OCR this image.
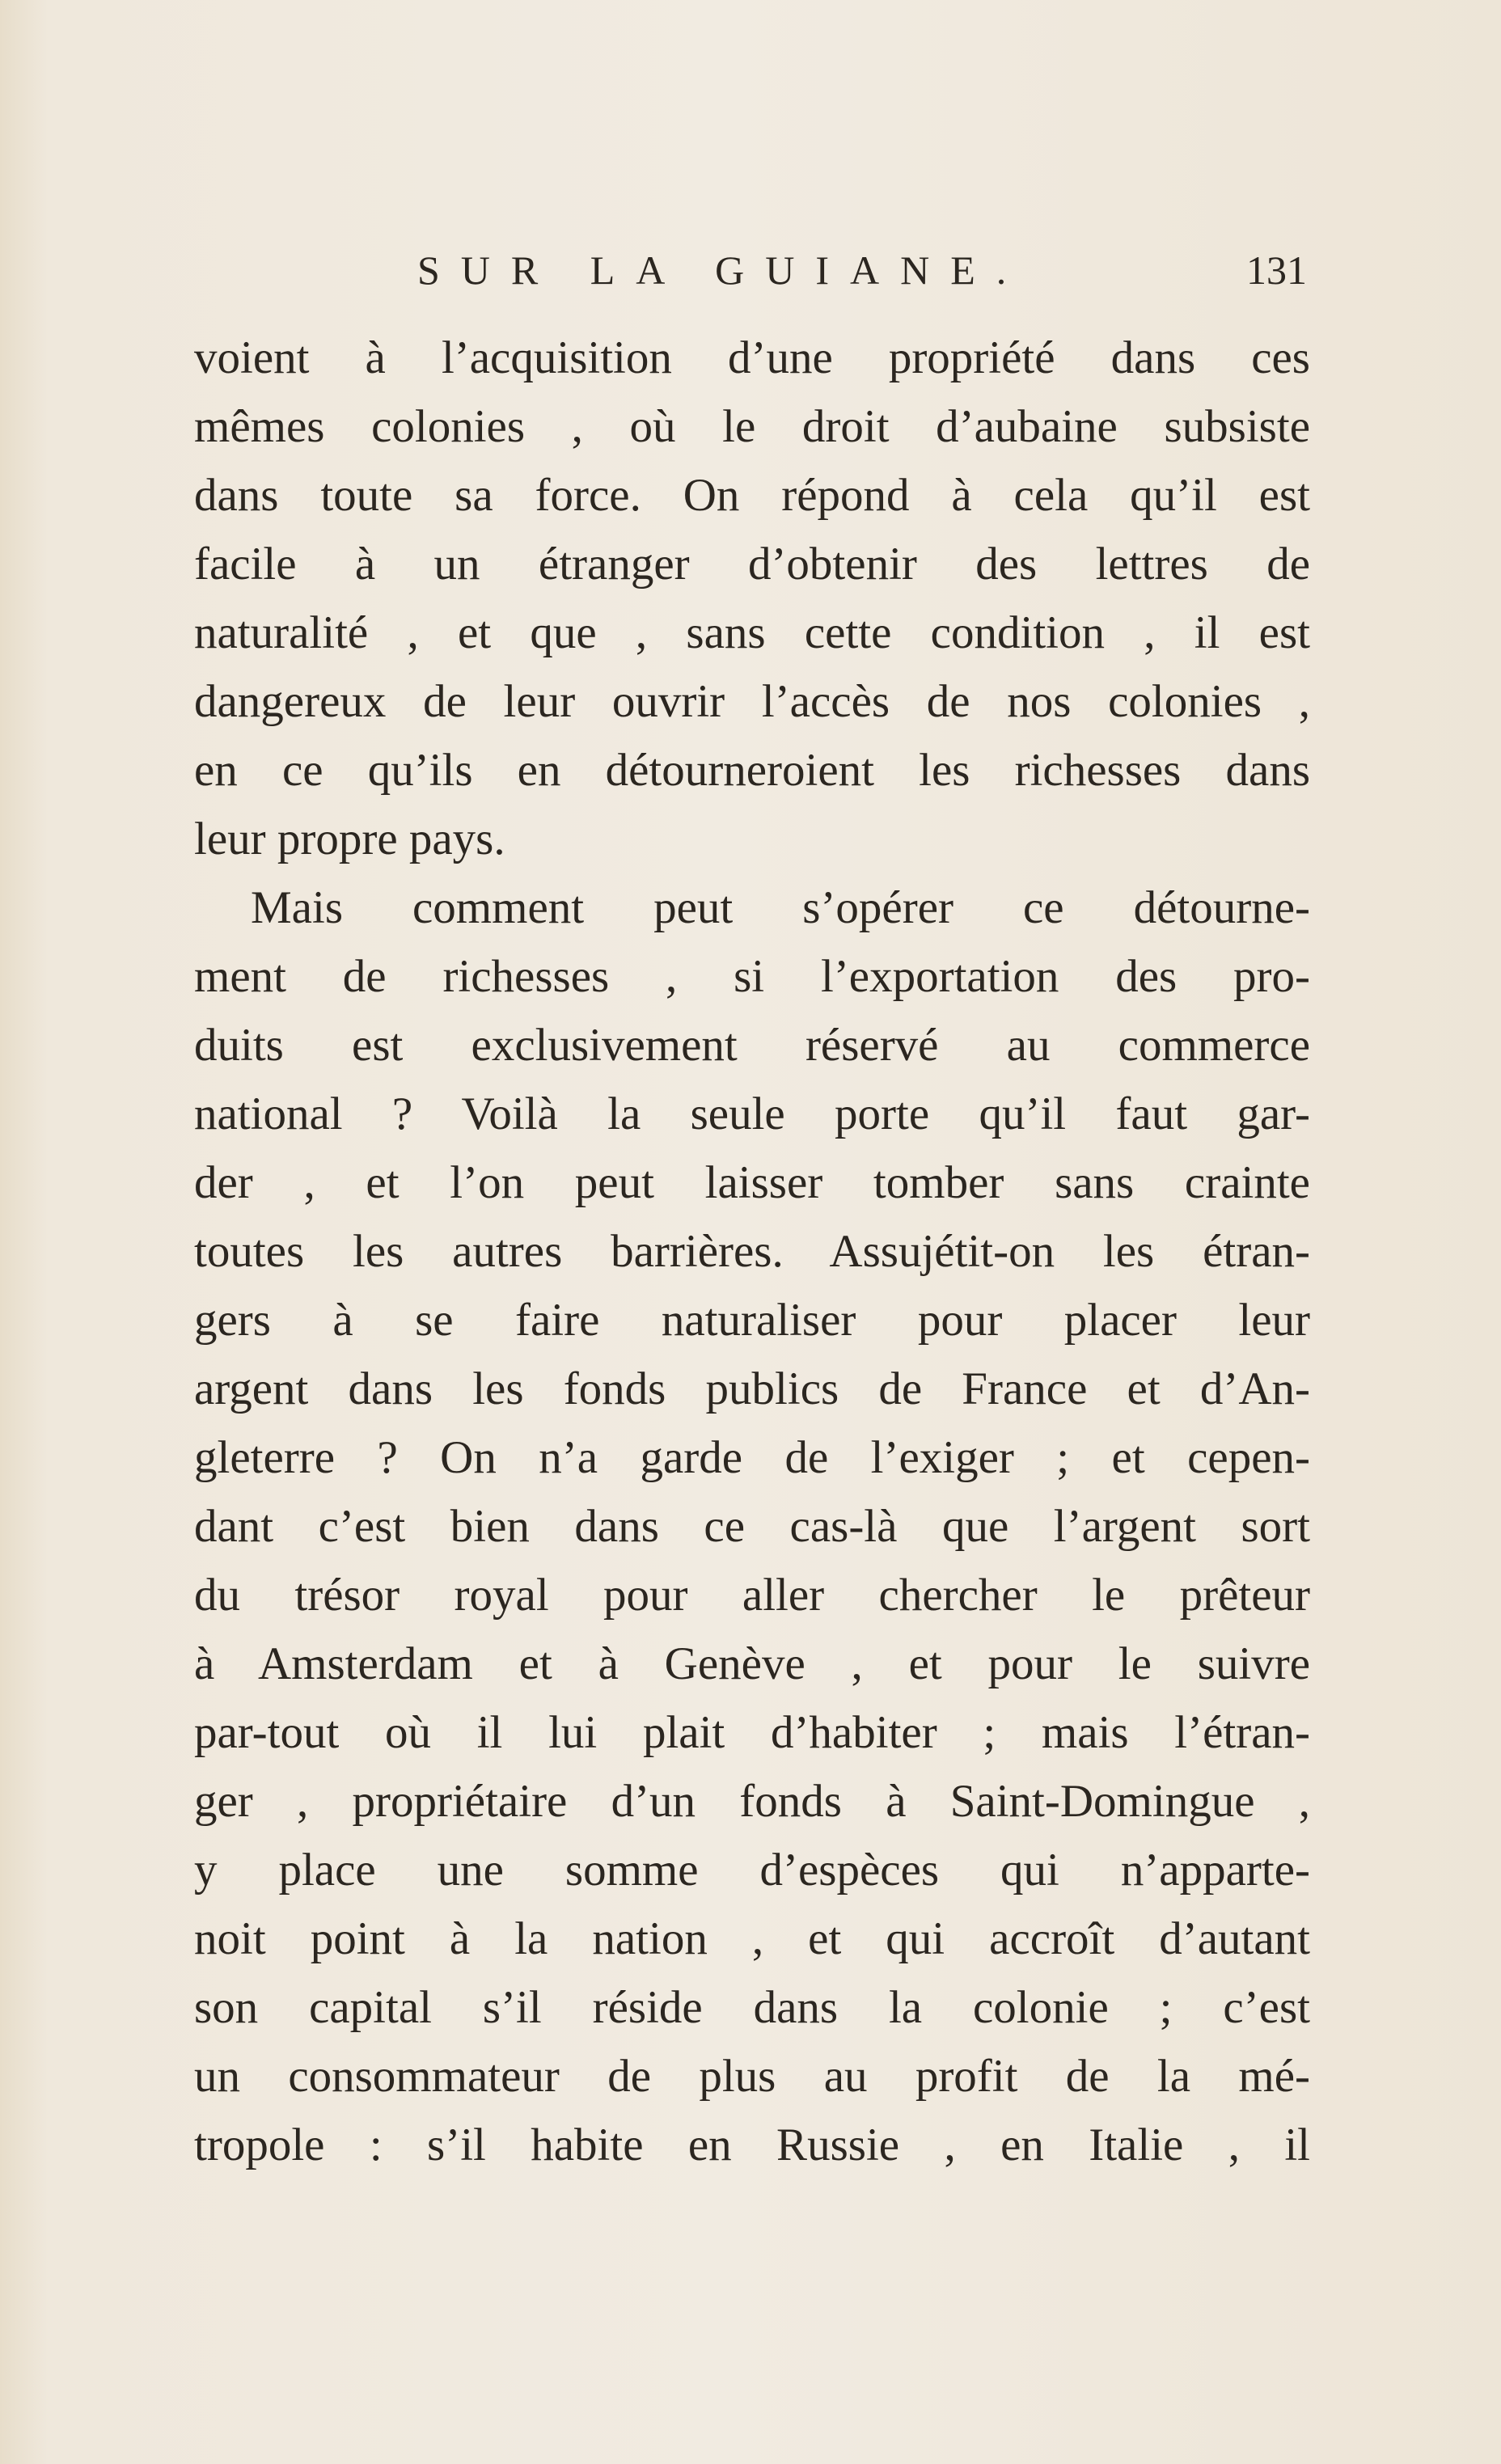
SUR LA GUIANE.	131
voient à l’acquisition d’une propriété dans ces
mêmes colonies , où le droit d’aubaine subsiste
dans toute sa force. On répond à cela qu’il est
facile à un étranger d’obtenir des lettres de
naturalité , et que , sans cette condition , il est
dangereux de leur ouvrir l’accès de nos colonies ,
en ce qu’ils en détourneroient les richesses dans
leur propre pays.
Mais comment peut s’opérer ce détourne-
ment de richesses , si l’exportation des pro-
duits est exclusivement réservé au commerce
national ? Voilà la seule porte qu’il faut gar-
der , et l’on peut laisser tomber sans crainte
toutes les autres barrières. Assujétit-on les étran-
gers à se faire naturaliser pour placer leur
argent dans les fonds publics de France et d’An-
gleterre ? On n’a garde de l’exiger ; et cepen-
dant c’est bien dans ce cas-là que l’argent sort
du trésor royal pour aller chercher le prêteur
à Amsterdam et à Genève , et pour le suivre
par-tout où il lui plait d’habiter ; mais l’étran-
ger , propriétaire d’un fonds à Saint-Domingue ,
y place une somme d’espèces qui n’apparte-
noit point à la nation , et qui accroît d’autant
son capital s’il réside dans la colonie ; c’est
un consommateur de plus au profit de la mé-
tropole : s’il habite en Russie , en Italie , il
